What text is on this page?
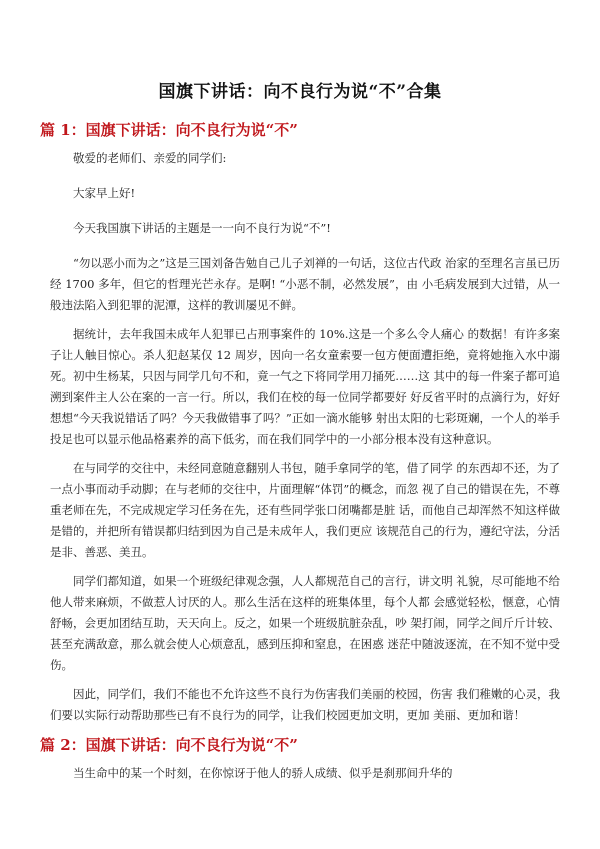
国旗下讲话：向不良行为说“不”合集
篇 1：国旗下讲话：向不良行为说“不”
敬爱的老师们、亲爱的同学们:
大家早上好!
今天我国旗下讲话的主题是一一向不良行为说“不”!
“勿以恶小而为之”这是三国刘备告勉自己儿子刘禅的一句话，这位古代政 治家的至理名言虽已历经 1700 多年，但它的哲理光芒永存。是啊! “小恶不制，必然发展”，由 小毛病发展到大过错，从一般违法陷入到犯罪的泥潭，这样的教训屡见不鲜。
据统计，去年我国未成年人犯罪已占刑事案件的 10%.这是一个多么令人痛心 的数据！有许多案子让人触目惊心。杀人犯赵某仅 12 周岁，因向一名女童索要一包方便面遭拒绝，竟将她拖入水中溺死。初中生杨某，只因与同学几句不和，竟一气之下将同学用刀捅死……这 其中的每一件案子都可追溯到案件主人公在案的一言一行。所以，我们在校的每一位同学都要好 好反省平时的点滴行为，好好想想“今天我说错话了吗？今天我做错事了吗？”正如一滴水能够 射出太阳的七彩斑斓，一个人的举手投足也可以显示他品格素养的高下低劣，而在我们同学中的一小部分根本没有这种意识。
在与同学的交往中，未经同意随意翻别人书包，随手拿同学的笔，借了同学 的东西却不还，为了一点小事而动手动脚；在与老师的交往中，片面理解“体罚”的概念，而忽 视了自己的错误在先，不尊重老师在先，不完成规定学习任务在先，还有些同学张口闭嘴都是脏 话，而他自己却浑然不知这样做是错的，并把所有错误都归结到因为自己是未成年人，我们更应 该规范自己的行为，遵纪守法，分活是非、善恶、美丑。
同学们都知道，如果一个班级纪律观念强，人人都规范自己的言行，讲文明 礼貌，尽可能地不给他人带来麻烦，不做惹人讨厌的人。那么生活在这样的班集体里，每个人都 会感觉轻松，惬意，心情舒畅，会更加团结互助，天天向上。反之，如果一个班级肮脏杂乱，吵 架打闹，同学之间斤斤计较、甚至充满敌意，那么就会使人心烦意乱，感到压抑和窒息，在困惑 迷茫中随波逐流，在不知不觉中受伤。
因此，同学们，我们不能也不允许这些不良行为伤害我们美丽的校园，伤害 我们稚嫩的心灵，我们要以实际行动帮助那些已有不良行为的同学，让我们校园更加文明，更加 美丽、更加和谐！
篇 2：国旗下讲话：向不良行为说“不”
当生命中的某一个时刻，在你惊讶于他人的骄人成绩、似乎是刹那间升华的
